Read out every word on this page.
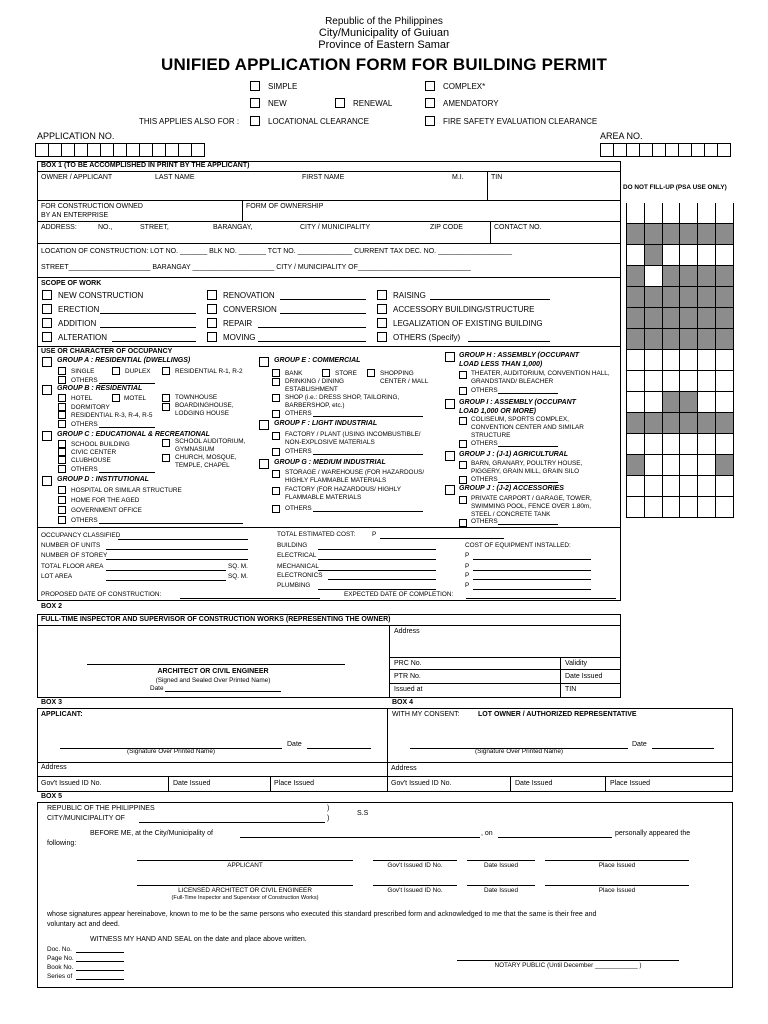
Republic of the Philippines
City/Municipality of Guiuan
Province of Eastern Samar
UNIFIED APPLICATION FORM FOR BUILDING PERMIT
SIMPLE	COMPLEX*
NEW	RENEWAL	AMENDATORY
THIS APPLIES ALSO FOR :	LOCATIONAL CLEARANCE	FIRE SAFETY EVALUATION CLEARANCE
APPLICATION NO.	AREA NO.
DO NOT FILL-UP (PSA USE ONLY)
BOX 1 (TO BE ACCOMPLISHED IN PRINT BY THE APPLICANT)
OWNER / APPLICANT	LAST NAME	FIRST NAME	M.I.	TIN
FOR CONSTRUCTION OWNED
BY AN ENTERPRISE
FORM OF OWNERSHIP
ADDRESS:	NO.,	STREET,	BARANGAY,	CITY / MUNICIPALITY	ZIP CODE	CONTACT NO.
LOCATION OF CONSTRUCTION: LOT NO. _______ BLK NO. _______ TCT NO. ______________ CURRENT TAX DEC. NO. ___________________
STREET_____________________ BARANGAY _____________________ CITY / MUNICIPALITY OF_____________________________
SCOPE OF WORK
NEW CONSTRUCTION
ERECTION
ADDITION
ALTERATION
RENOVATION
CONVERSION
REPAIR
MOVING
RAISING
ACCESSORY BUILDING/STRUCTURE
LEGALIZATION OF EXISTING BUILDING
OTHERS (Specify)
USE OR CHARACTER OF OCCUPANCY
GROUP A : RESIDENTIAL (DWELLINGS)
SINGLE	DUPLEX	RESIDENTIAL R-1, R-2
OTHERS
GROUP B : RESIDENTIAL
HOTEL	MOTEL	TOWNHOUSE
DORMITORY	BOARDINGHOUSE,
LODGING HOUSE
RESIDENTIAL R-3, R-4, R-5
OTHERS
GROUP C : EDUCATIONAL & RECREATIONAL
SCHOOL BUILDING	SCHOOL AUDITORIUM,
GYMNASIUM
CIVIC CENTER
CHURCH, MOSQUE,
TEMPLE, CHAPEL
CLUBHOUSE
OTHERS
GROUP D : INSTITUTIONAL
HOSPITAL OR SIMILAR STRUCTURE
HOME FOR THE AGED
GOVERNMENT OFFICE
OTHERS
GROUP E : COMMERCIAL
BANK	STORE	SHOPPING
CENTER / MALL
DRINKING / DINING
ESTABLISHMENT
SHOP (i.e.: DRESS SHOP, TAILORING,
BARBERSHOP, etc.)
OTHERS
GROUP F : LIGHT INDUSTRIAL
FACTORY / PLANT (USING INCOMBUSTIBLE/
NON-EXPLOSIVE MATERIALS
OTHERS
GROUP G : MEDIUM INDUSTRIAL
STORAGE / WAREHOUSE (FOR HAZARDOUS/
HIGHLY FLAMMABLE MATERIALS
FACTORY (FOR HAZARDOUS/ HIGHLY
FLAMMABLE MATERIALS
OTHERS
GROUP H : ASSEMBLY (OCCUPANT
LOAD LESS THAN 1,000)
THEATER, AUDITORIUM, CONVENTION HALL,
GRANDSTAND/ BLEACHER
OTHERS
GROUP I : ASSEMBLY (OCCUPANT
LOAD 1,000 OR MORE)
COLISEUM, SPORTS COMPLEX,
CONVENTION CENTER AND SIMILAR
STRUCTURE
OTHERS
GROUP J : (J-1) AGRICULTURAL
BARN, GRANARY, POULTRY HOUSE,
PIGGERY, GRAIN MILL, GRAIN SILO
OTHERS
GROUP J : (J-2) ACCESSORIES
PRIVATE CARPORT / GARAGE, TOWER,
SWIMMING POOL, FENCE OVER 1.80m,
STEEL / CONCRETE TANK
OTHERS
OCCUPANCY CLASSIFIED
NUMBER OF UNITS
NUMBER OF STOREY
TOTAL FLOOR AREA	SQ. M.
LOT AREA	SQ. M.
PROPOSED DATE OF CONSTRUCTION:	EXPECTED DATE OF COMPLETION:
TOTAL ESTIMATED COST:	P
BUILDING
ELECTRICAL
MECHANICAL
ELECTRONICS
PLUMBING
COST OF EQUIPMENT INSTALLED:
P
P
P
P
BOX 2
FULL-TIME INSPECTOR AND SUPERVISOR OF CONSTRUCTION WORKS (REPRESENTING THE OWNER)
Address
PRC No.	Validity
PTR No.	Date Issued
Issued at	TIN
ARCHITECT OR CIVIL ENGINEER
(Signed and Sealed Over Printed Name)
Date
BOX 3	BOX 4
APPLICANT:
(Signature Over Printed Name)
Date
Address
Gov't Issued ID No.	Date Issued	Place Issued
WITH MY CONSENT:	LOT OWNER / AUTHORIZED REPRESENTATIVE
(Signature Over Printed Name)
Date
Address
Gov't Issued ID No.	Date Issued	Place Issued
BOX 5
REPUBLIC OF THE PHILIPPINES	)
CITY/MUNICIPALITY OF	)
S.S
BEFORE ME, at the City/Municipality of	, on	personally appeared the
following:
APPLICANT	Gov't Issued ID No.	Date Issued	Place Issued
LICENSED ARCHITECT OR CIVIL ENGINEER
(Full-Time Inspector and Supervisor of Construction Works)
Gov't Issued ID No.	Date Issued	Place Issued
whose signatures appear hereinabove, known to me to be the same persons who executed this standard prescribed form and acknowledged to me that the same is their free and
voluntary act and deed.
WITNESS MY HAND AND SEAL on the date and place above written.
Doc. No.
Page No.
Book No.
Series of
NOTARY PUBLIC (Until December ____________ )
